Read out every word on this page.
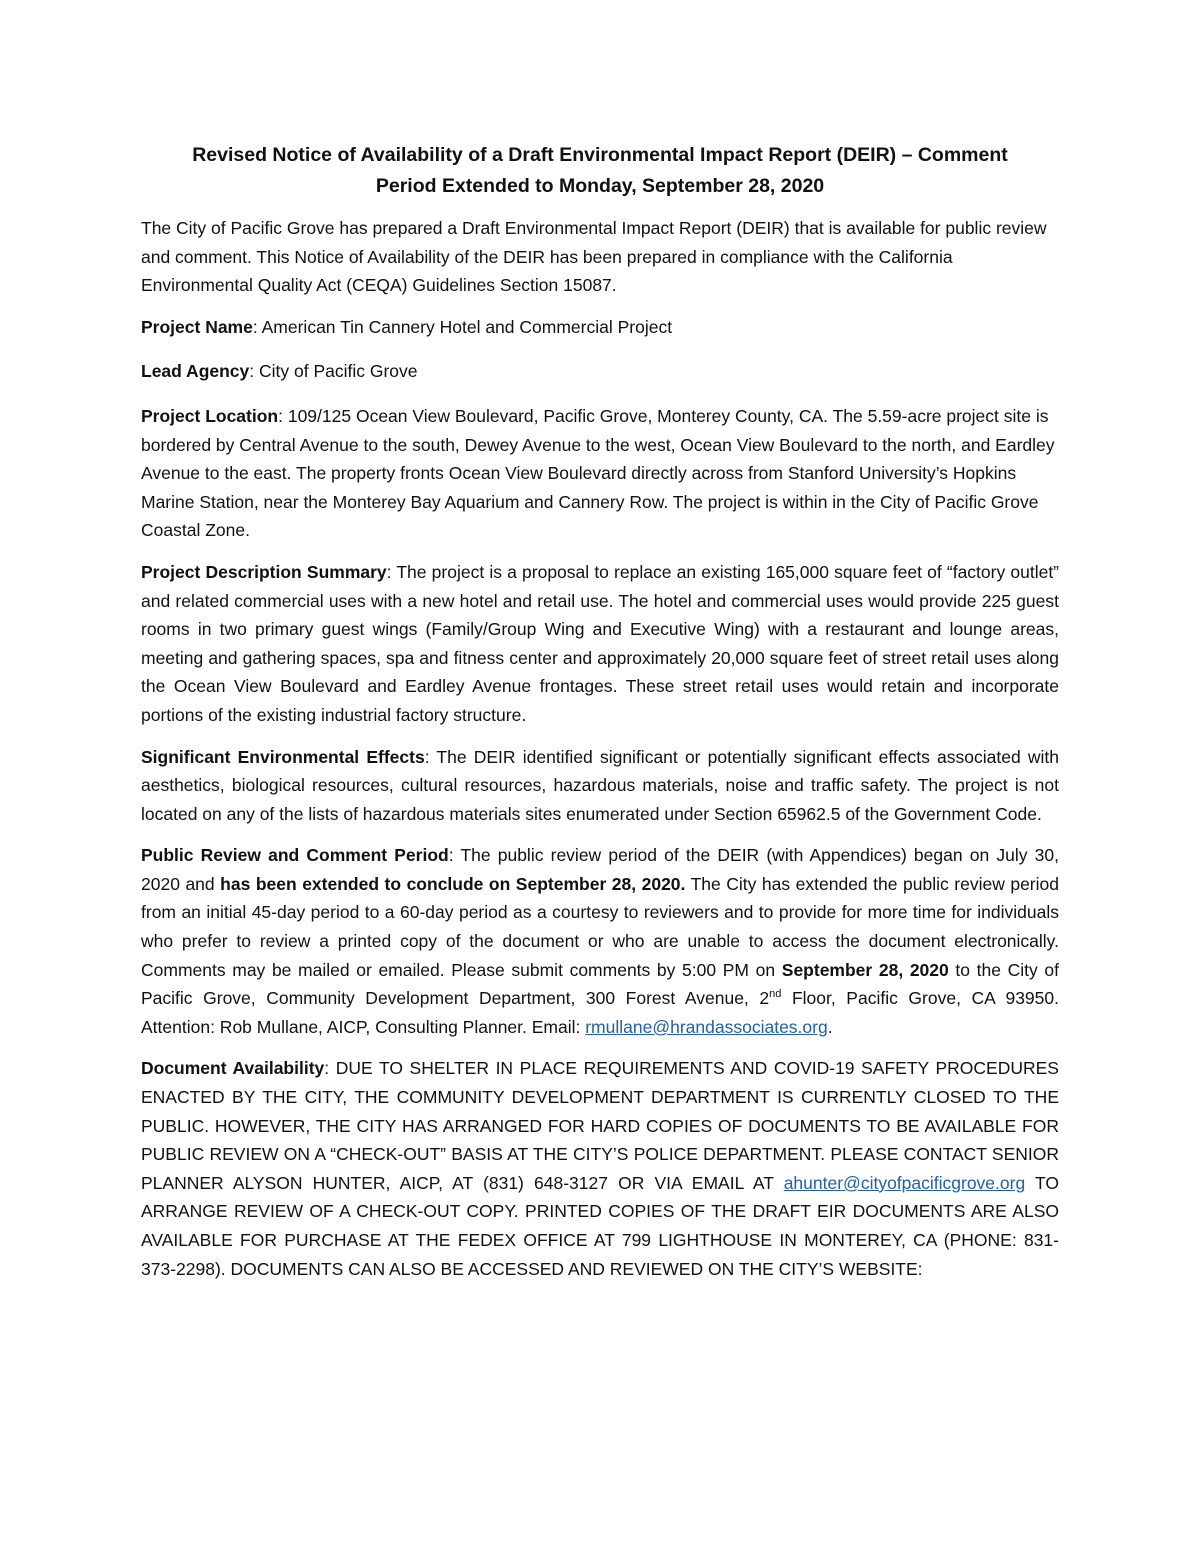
Revised Notice of Availability of a Draft Environmental Impact Report (DEIR) – Comment
Period Extended to Monday, September 28, 2020

The City of Pacific Grove has prepared a Draft Environmental Impact Report (DEIR) that is available for public review and comment. This Notice of Availability of the DEIR has been prepared in compliance with the California Environmental Quality Act (CEQA) Guidelines Section 15087.

Project Name: American Tin Cannery Hotel and Commercial Project

Lead Agency: City of Pacific Grove

Project Location: 109/125 Ocean View Boulevard, Pacific Grove, Monterey County, CA. The 5.59-acre project site is bordered by Central Avenue to the south, Dewey Avenue to the west, Ocean View Boulevard to the north, and Eardley Avenue to the east. The property fronts Ocean View Boulevard directly across from Stanford University’s Hopkins Marine Station, near the Monterey Bay Aquarium and Cannery Row. The project is within in the City of Pacific Grove Coastal Zone.

Project Description Summary: The project is a proposal to replace an existing 165,000 square feet of “factory outlet” and related commercial uses with a new hotel and retail use. The hotel and commercial uses would provide 225 guest rooms in two primary guest wings (Family/Group Wing and Executive Wing) with a restaurant and lounge areas, meeting and gathering spaces, spa and fitness center and approximately 20,000 square feet of street retail uses along the Ocean View Boulevard and Eardley Avenue frontages. These street retail uses would retain and incorporate portions of the existing industrial factory structure.

Significant Environmental Effects: The DEIR identified significant or potentially significant effects associated with aesthetics, biological resources, cultural resources, hazardous materials, noise and traffic safety. The project is not located on any of the lists of hazardous materials sites enumerated under Section 65962.5 of the Government Code.

Public Review and Comment Period: The public review period of the DEIR (with Appendices) began on July 30, 2020 and has been extended to conclude on September 28, 2020. The City has extended the public review period from an initial 45-day period to a 60-day period as a courtesy to reviewers and to provide for more time for individuals who prefer to review a printed copy of the document or who are unable to access the document electronically. Comments may be mailed or emailed. Please submit comments by 5:00 PM on September 28, 2020 to the City of Pacific Grove, Community Development Department, 300 Forest Avenue, 2nd Floor, Pacific Grove, CA 93950. Attention: Rob Mullane, AICP, Consulting Planner. Email: rmullane@hrandassociates.org.

Document Availability: DUE TO SHELTER IN PLACE REQUIREMENTS AND COVID-19 SAFETY PROCEDURES ENACTED BY THE CITY, THE COMMUNITY DEVELOPMENT DEPARTMENT IS CURRENTLY CLOSED TO THE PUBLIC. HOWEVER, THE CITY HAS ARRANGED FOR HARD COPIES OF DOCUMENTS TO BE AVAILABLE FOR PUBLIC REVIEW ON A “CHECK-OUT” BASIS AT THE CITY’S POLICE DEPARTMENT. PLEASE CONTACT SENIOR PLANNER ALYSON HUNTER, AICP, AT (831) 648-3127 OR VIA EMAIL AT ahunter@cityofpacificgrove.org TO ARRANGE REVIEW OF A CHECK-OUT COPY. PRINTED COPIES OF THE DRAFT EIR DOCUMENTS ARE ALSO AVAILABLE FOR PURCHASE AT THE FEDEX OFFICE AT 799 LIGHTHOUSE IN MONTEREY, CA (PHONE: 831-373-2298). DOCUMENTS CAN ALSO BE ACCESSED AND REVIEWED ON THE CITY’S WEBSITE:
